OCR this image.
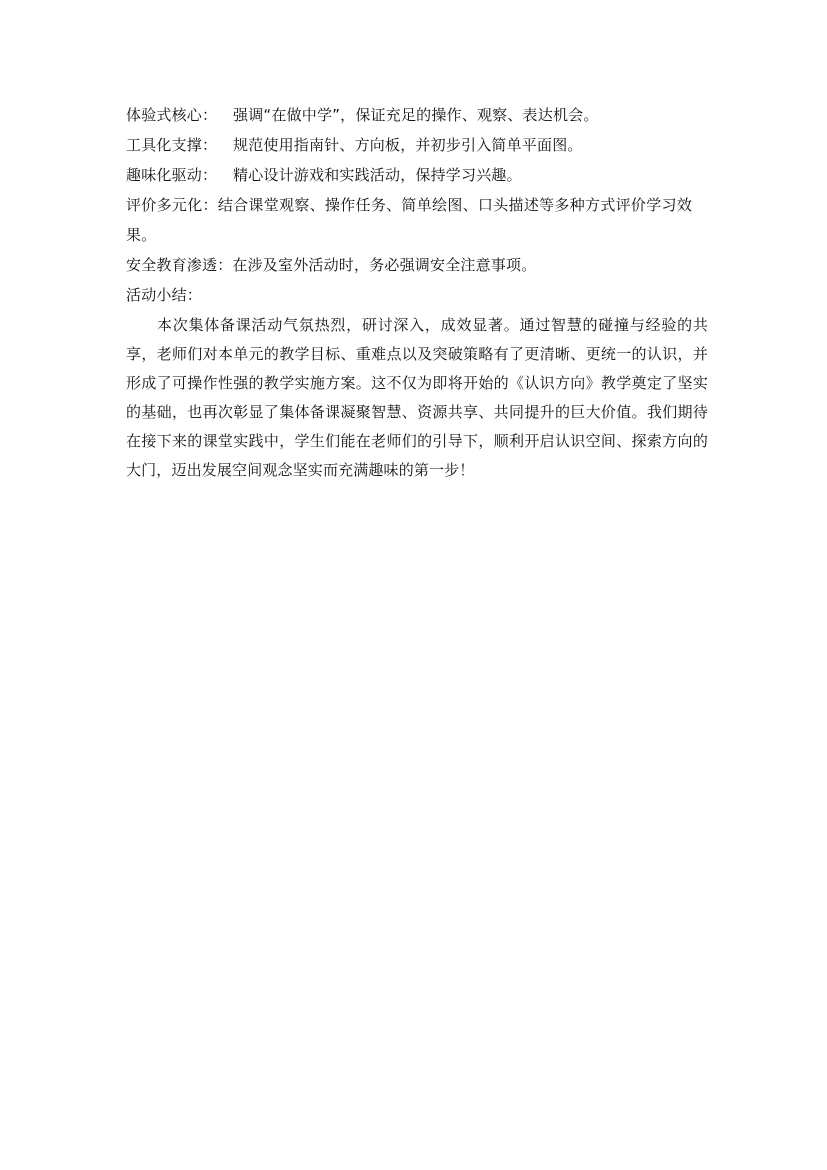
体验式核心： 强调“在做中学”，保证充足的操作、观察、表达机会。
工具化支撑： 规范使用指南针、方向板，并初步引入简单平面图。
趣味化驱动： 精心设计游戏和实践活动，保持学习兴趣。
评价多元化：结合课堂观察、操作任务、简单绘图、口头描述等多种方式评价学习效果。
安全教育渗透：在涉及室外活动时，务必强调安全注意事项。
活动小结：
本次集体备课活动气氛热烈，研讨深入，成效显著。通过智慧的碰撞与经验的共享，老师们对本单元的教学目标、重难点以及突破策略有了更清晰、更统一的认识，并形成了可操作性强的教学实施方案。这不仅为即将开始的《认识方向》教学奠定了坚实的基础，也再次彰显了集体备课凝聚智慧、资源共享、共同提升的巨大价值。我们期待在接下来的课堂实践中，学生们能在老师们的引导下，顺利开启认识空间、探索方向的大门，迈出发展空间观念坚实而充满趣味的第一步！
